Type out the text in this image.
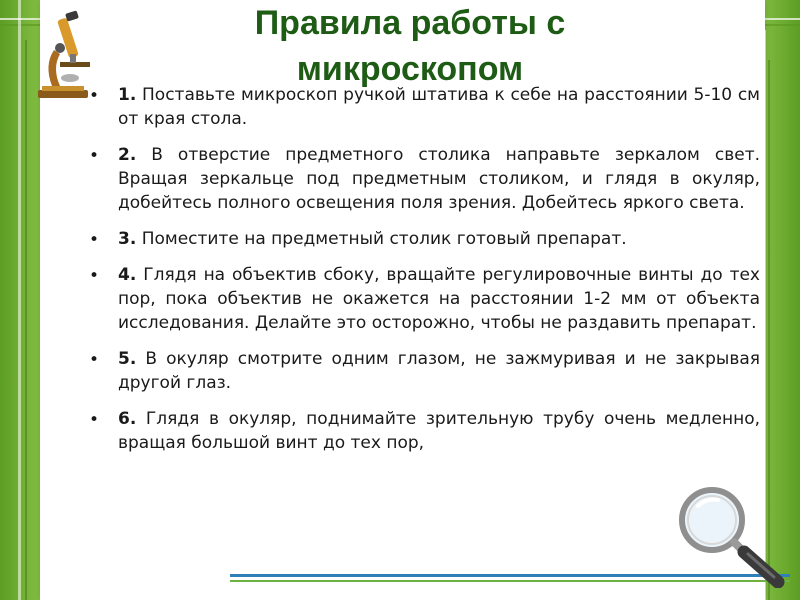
Правила работы с микроскопом
• 1. Поставьте микроскоп ручкой штатива к себе на расстоянии 5-10 см от края стола.
• 2. В отверстие предметного столика направьте зеркалом свет. Вращая зеркальце под предметным столиком, и глядя в окуляр, добейтесь полного освещения поля зрения. Добейтесь яркого света.
• 3. Поместите на предметный столик готовый препарат.
• 4. Глядя на объектив сбоку, вращайте регулировочные винты до тех пор, пока объектив не окажется на расстоянии 1-2 мм от объекта исследования. Делайте это осторожно, чтобы не раздавить препарат.
• 5. В окуляр смотрите одним глазом, не зажмуривая и не закрывая другой глаз.
• 6. Глядя в окуляр, поднимайте зрительную трубу очень медленно, вращая большой винт до тех пор,
